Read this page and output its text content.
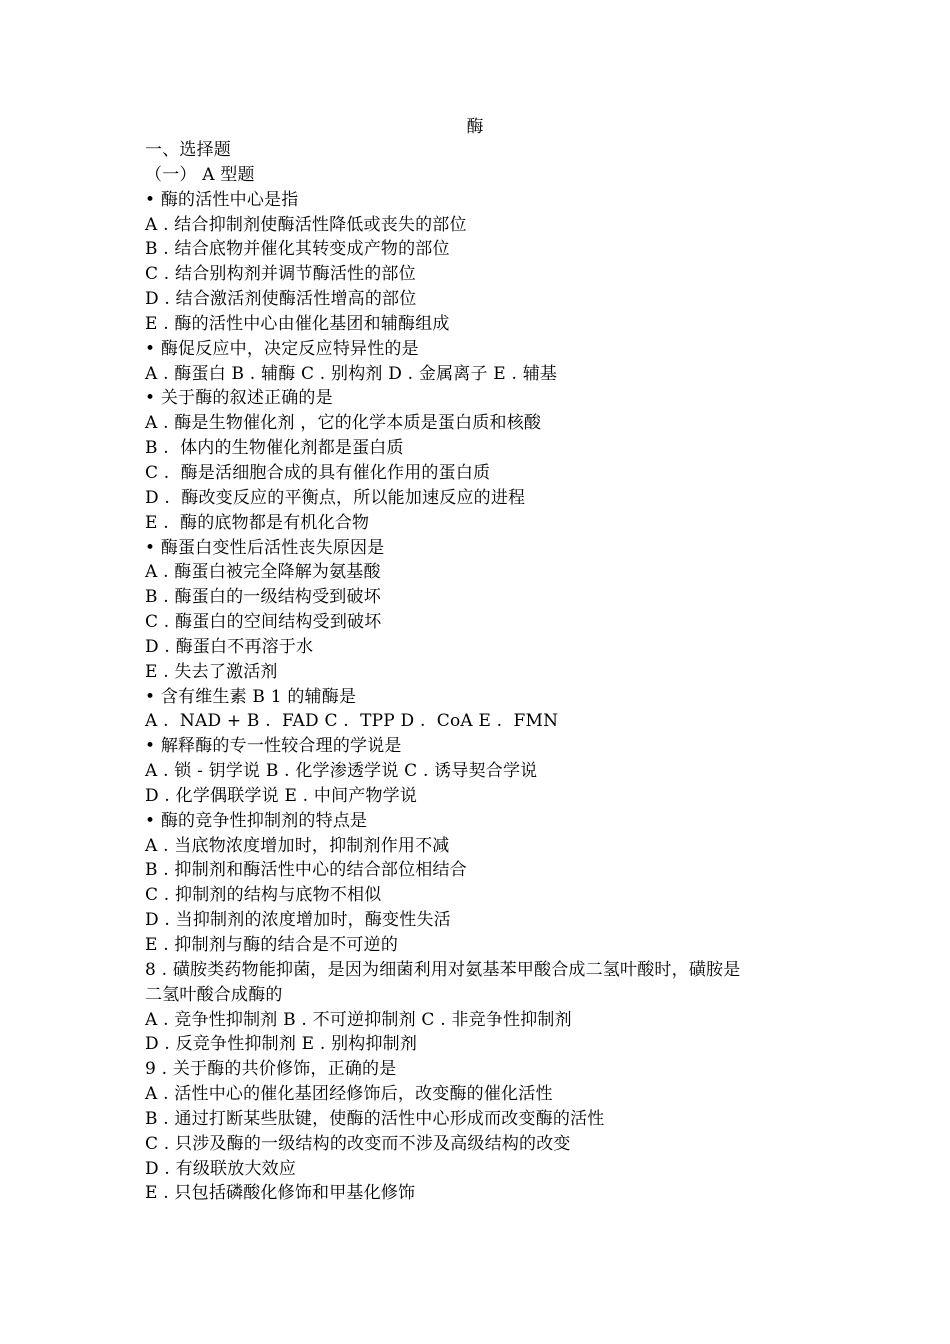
酶
一、选择题
（一） A 型题
• 酶的活性中心是指
A . 结合抑制剂使酶活性降低或丧失的部位
B . 结合底物并催化其转变成产物的部位
C . 结合别构剂并调节酶活性的部位
D . 结合激活剂使酶活性增高的部位
E . 酶的活性中心由催化基团和辅酶组成
• 酶促反应中，决定反应特异性的是
A . 酶蛋白 B . 辅酶 C . 别构剂 D . 金属离子 E . 辅基
• 关于酶的叙述正确的是
A . 酶是生物催化剂 ，它的化学本质是蛋白质和核酸
B .  体内的生物催化剂都是蛋白质
C .  酶是活细胞合成的具有催化作用的蛋白质
D .  酶改变反应的平衡点，所以能加速反应的进程
E .  酶的底物都是有机化合物
• 酶蛋白变性后活性丧失原因是
A . 酶蛋白被完全降解为氨基酸
B . 酶蛋白的一级结构受到破坏
C . 酶蛋白的空间结构受到破坏
D . 酶蛋白不再溶于水
E . 失去了激活剂
• 含有维生素 B 1 的辅酶是
A .  NAD + B .  FAD C .  TPP D .  CoA E .  FMN
• 解释酶的专一性较合理的学说是
A . 锁 - 钥学说 B . 化学渗透学说 C . 诱导契合学说
D . 化学偶联学说 E . 中间产物学说
• 酶的竞争性抑制剂的特点是
A . 当底物浓度增加时，抑制剂作用不减
B . 抑制剂和酶活性中心的结合部位相结合
C . 抑制剂的结构与底物不相似
D . 当抑制剂的浓度增加时，酶变性失活
E . 抑制剂与酶的结合是不可逆的
8 . 磺胺类药物能抑菌，是因为细菌利用对氨基苯甲酸合成二氢叶酸时，磺胺是
二氢叶酸合成酶的
A . 竞争性抑制剂 B . 不可逆抑制剂 C . 非竞争性抑制剂
D . 反竞争性抑制剂 E . 别构抑制剂
9 . 关于酶的共价修饰，正确的是
A . 活性中心的催化基团经修饰后，改变酶的催化活性
B . 通过打断某些肽键，使酶的活性中心形成而改变酶的活性
C . 只涉及酶的一级结构的改变而不涉及高级结构的改变
D . 有级联放大效应
E . 只包括磷酸化修饰和甲基化修饰
